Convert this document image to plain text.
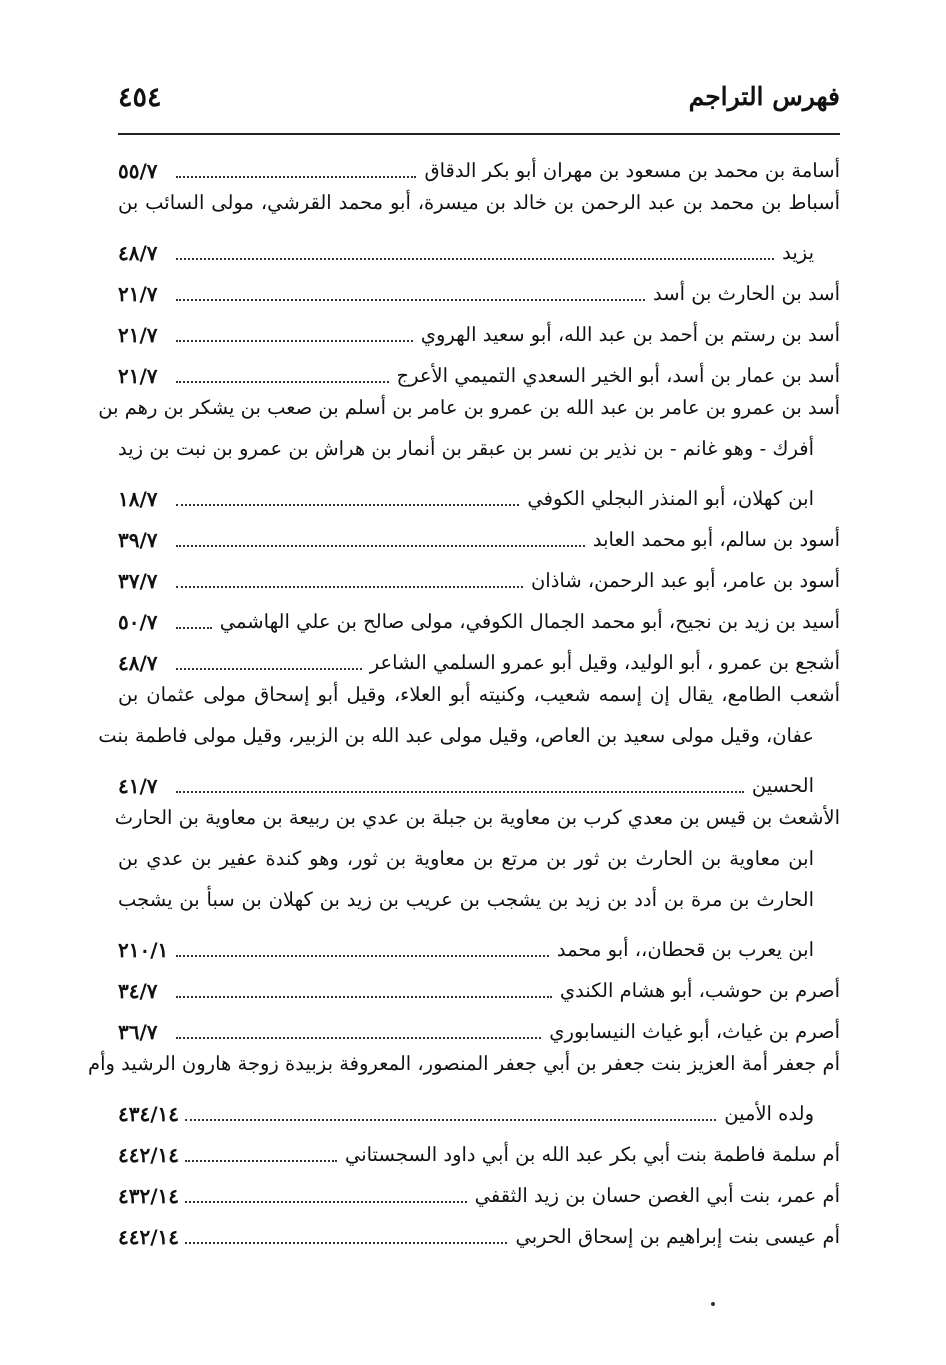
٤٥٤	فهرس التراجم
أسامة بن محمد بن مسعود بن مهران أبو بكر الدقاق
٥٥/٧
أسباط بن محمد بن عبد الرحمن بن خالد بن ميسرة، أبو محمد القرشي، مولى السائب بن
يزيد
٤٨/٧
أسد بن الحارث بن أسد
٢١/٧
أسد بن رستم بن أحمد بن عبد الله، أبو سعيد الهروي
٢١/٧
أسد بن عمار بن أسد، أبو الخير السعدي التميمي الأعرج
٢١/٧
أسد بن عمرو بن عامر بن عبد الله بن عمرو بن عامر بن أسلم بن صعب بن يشكر بن رهم بن
أفرك - وهو غانم - بن نذير بن نسر بن عبقر بن أنمار بن هراش بن عمرو بن نبت بن زيد
ابن كهلان، أبو المنذر البجلي الكوفي
١٨/٧
أسود بن سالم، أبو محمد العابد
٣٩/٧
أسود بن عامر، أبو عبد الرحمن، شاذان
٣٧/٧
أسيد بن زيد بن نجيح، أبو محمد الجمال الكوفي، مولى صالح بن علي الهاشمي
٥٠/٧
أشجع بن عمرو ، أبو الوليد، وقيل أبو عمرو السلمي الشاعر
٤٨/٧
أشعب الطامع، يقال إن إسمه شعيب، وكنيته أبو العلاء، وقيل أبو إسحاق مولى عثمان بن
عفان، وقيل مولى سعيد بن العاص، وقيل مولى عبد الله بن الزبير، وقيل مولى فاطمة بنت
الحسين
٤١/٧
الأشعث بن قيس بن معدي كرب بن معاوية بن جبلة بن عدي بن ربيعة بن معاوية بن الحارث
ابن معاوية بن الحارث بن ثور بن مرتع بن معاوية بن ثور، وهو كندة عفير بن عدي بن
الحارث بن مرة بن أدد بن زيد بن يشجب بن عريب بن زيد بن كهلان بن سبأ بن يشجب
ابن يعرب بن قحطان،، أبو محمد
٢١٠/١
أصرم بن حوشب، أبو هشام الكندي
٣٤/٧
أصرم بن غياث، أبو غياث النيسابوري
٣٦/٧
أم جعفر أمة العزيز بنت جعفر بن أبي جعفر المنصور، المعروفة بزبيدة زوجة هارون الرشيد وأم
ولده الأمين
٤٣٤/١٤
أم سلمة فاطمة بنت أبي بكر عبد الله بن أبي داود السجستاني
٤٤٢/١٤
أم عمر، بنت أبي الغصن حسان بن زيد الثقفي
٤٣٢/١٤
أم عيسى بنت إبراهيم بن إسحاق الحربي
٤٤٢/١٤
